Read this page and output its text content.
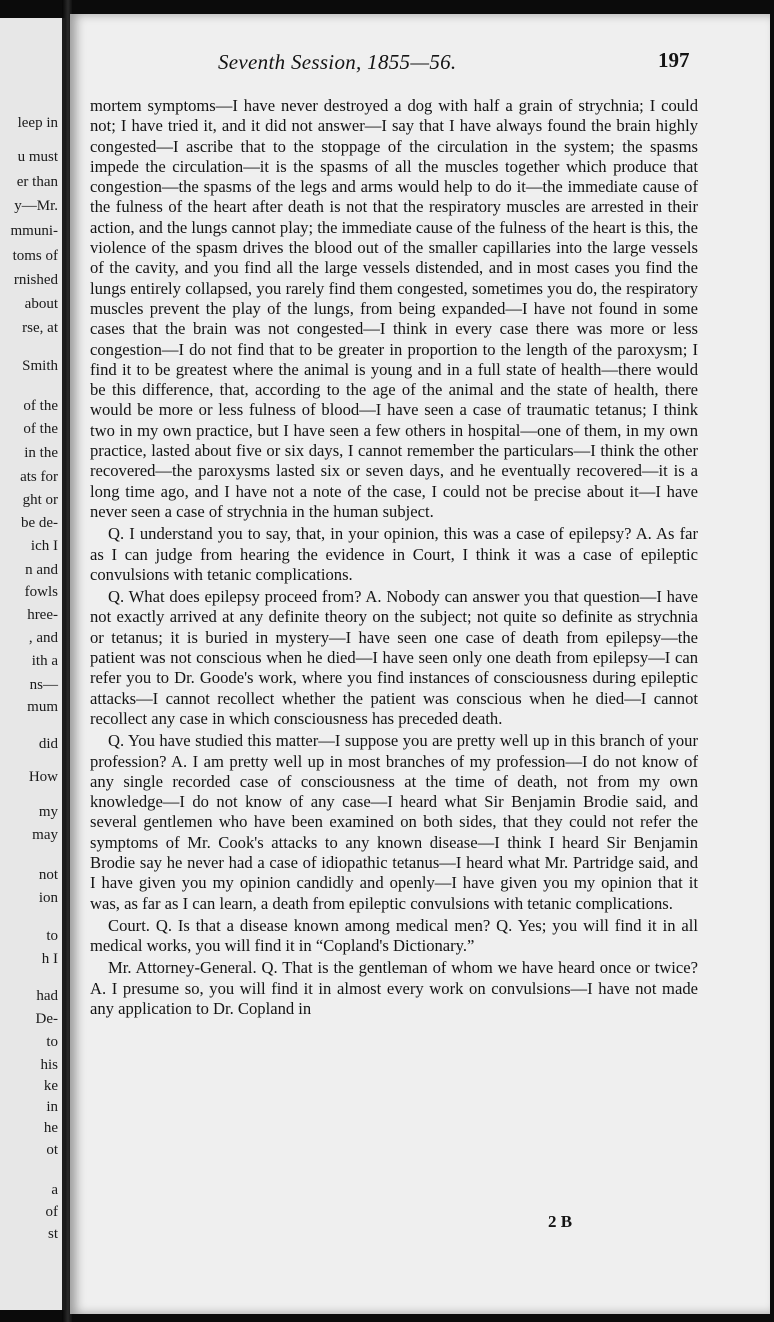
leep in
u must
er than
y—Mr.
mmuni-
toms of
rnished
about
rse, at
Smith
of the
of the
in the
ats for
ght or
be de-
ich I
n and
fowls
hree-
, and
ith a
ns—
mum
did
How
my
may
not
ion
to
h I
had
De-
to
his
ke
in
he
ot
a
of
st
Seventh Session, 1855—56.	197

mortem symptoms—I have never destroyed a dog with half a grain of strychnia; I could not; I have tried it, and it did not answer—I say that I have always found the brain highly congested—I ascribe that to the stoppage of the circulation in the system; the spasms impede the circulation—it is the spasms of all the muscles together which produce that congestion—the spasms of the legs and arms would help to do it—the immediate cause of the fulness of the heart after death is not that the respiratory muscles are arrested in their action, and the lungs cannot play; the immediate cause of the fulness of the heart is this, the violence of the spasm drives the blood out of the smaller capillaries into the large vessels of the cavity, and you find all the large vessels distended, and in most cases you find the lungs entirely collapsed, you rarely find them congested, sometimes you do, the respiratory muscles prevent the play of the lungs, from being expanded—I have not found in some cases that the brain was not congested—I think in every case there was more or less congestion—I do not find that to be greater in proportion to the length of the paroxysm; I find it to be greatest where the animal is young and in a full state of health—there would be this difference, that, according to the age of the animal and the state of health, there would be more or less fulness of blood—I have seen a case of traumatic tetanus; I think two in my own practice, but I have seen a few others in hospital—one of them, in my own practice, lasted about five or six days, I cannot remember the particulars—I think the other recovered—the paroxysms lasted six or seven days, and he eventually recovered—it is a long time ago, and I have not a note of the case, I could not be precise about it—I have never seen a case of strychnia in the human subject.

Q. I understand you to say, that, in your opinion, this was a case of epilepsy? A. As far as I can judge from hearing the evidence in Court, I think it was a case of epileptic convulsions with tetanic complications.

Q. What does epilepsy proceed from? A. Nobody can answer you that question—I have not exactly arrived at any definite theory on the subject; not quite so definite as strychnia or tetanus; it is buried in mystery—I have seen one case of death from epilepsy—the patient was not conscious when he died—I have seen only one death from epilepsy—I can refer you to Dr. Goode's work, where you find instances of consciousness during epileptic attacks—I cannot recollect whether the patient was conscious when he died—I cannot recollect any case in which consciousness has preceded death.

Q. You have studied this matter—I suppose you are pretty well up in this branch of your profession? A. I am pretty well up in most branches of my profession—I do not know of any single recorded case of consciousness at the time of death, not from my own knowledge—I do not know of any case—I heard what Sir Benjamin Brodie said, and several gentlemen who have been examined on both sides, that they could not refer the symptoms of Mr. Cook's attacks to any known disease—I think I heard Sir Benjamin Brodie say he never had a case of idiopathic tetanus—I heard what Mr. Partridge said, and I have given you my opinion candidly and openly—I have given you my opinion that it was, as far as I can learn, a death from epileptic convulsions with tetanic complications.

Court. Q. Is that a disease known among medical men? Q. Yes; you will find it in all medical works, you will find it in “Copland's Dictionary.”

Mr. Attorney-General. Q. That is the gentleman of whom we have heard once or twice? A. I presume so, you will find it in almost every work on convulsions—I have not made any application to Dr. Copland in

2 B
